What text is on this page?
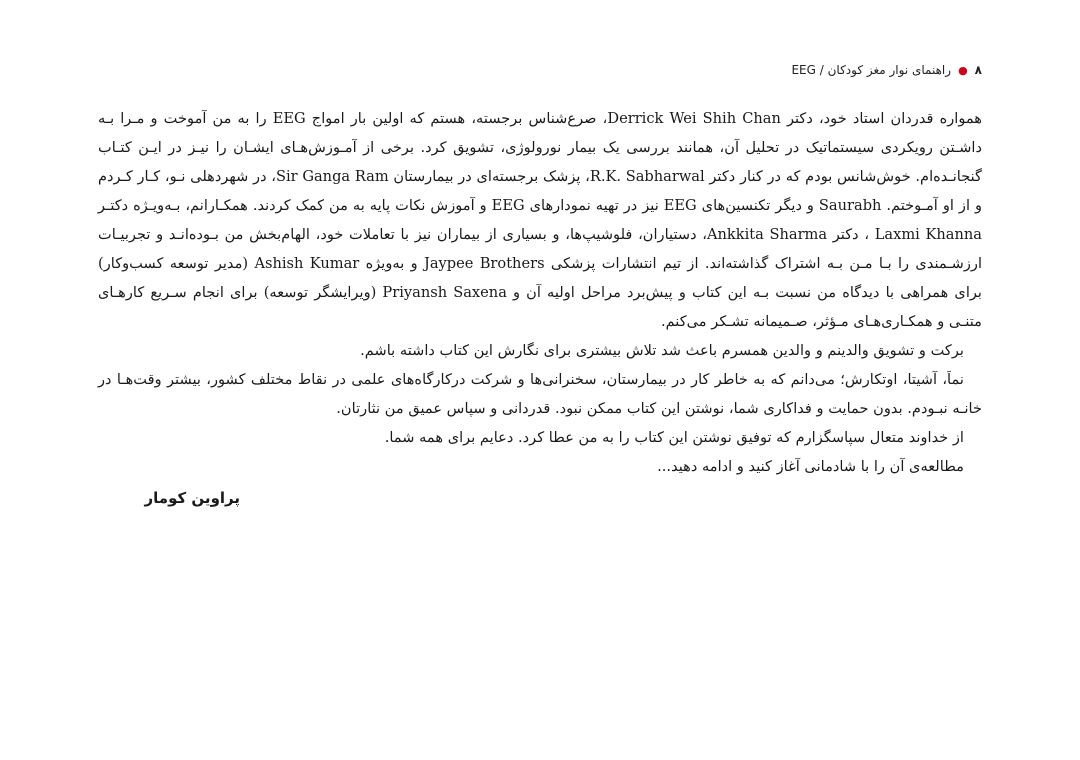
۸
●
راهنمای نوار مغز کودکان / EEG

همواره قدردان استاد خود، دکتر Derrick Wei Shih Chan، صرع‌شناس برجسته، هستم که اولین بار امواج EEG را به من آموخت و مـرا بـه داشـتن رویکردی سیستماتیک در تحلیل آن، همانند بررسی یک بیمار نورولوژی، تشویق کرد. برخی از آمـوزش‌هـای ایشـان را نیـز در ایـن کتـاب گنجانـده‌ام. خوش‌شانس بودم که در کنار دکتر R.K. Sabharwal، پزشک برجسته‌ای در بیمارستان Sir Ganga Ram، در شهردهلی نـو، کـار کـردم و از او آمـوختم. Saurabh و دیگر تکنسین‌های EEG نیز در تهیه نمودارهای EEG و آموزش نکات پایه به من کمک کردند. همکـارانم، بـه‌ویـژه دکتـر Laxmi Khanna ، دکتر Ankkita Sharma، دستیاران، فلوشیپ‌ها، و بسیاری از بیماران نیز با تعاملات خود، الهام‌بخش من بـوده‌انـد و تجربیـات ارزشـمندی را بـا مـن بـه اشتراک گذاشته‌اند. از تیم انتشارات پزشکی Jaypee Brothers و به‌ویژه Ashish Kumar (مدیر توسعه کسب‌وکار) برای همراهی با دیدگاه من نسبت بـه این کتاب و پیش‌برد مراحل اولیه آن و Priyansh Saxena (ویرایشگر توسعه) برای انجام سـریع کارهـای متنـی و همکـاری‌هـای مـؤثر، صـمیمانه تشـکر می‌کنم.

برکت و تشویق والدینم و والدین همسرم باعث شد تلاش بیشتری برای نگارش این کتاب داشته باشم.

نماَ، آشیتا، اوتکارش؛ می‌دانم که به خاطر کار در بیمارستان، سخنرانی‌ها و شرکت درکارگاه‌های علمی در نقاط مختلف کشور، بیشتر وقت‌هـا در خانـه نبـودم. بدون حمایت و فداکاری شما، نوشتن این کتاب ممکن نبود. قدردانی و سپاس عمیق من نثارتان.

از خداوند متعال سپاسگزارم که توفیق نوشتن این کتاب را به من عطا کرد. دعایم برای همه شما.

مطالعه‌ی آن را با شادمانی آغاز کنید و ادامه دهید...

پراوین کومار
